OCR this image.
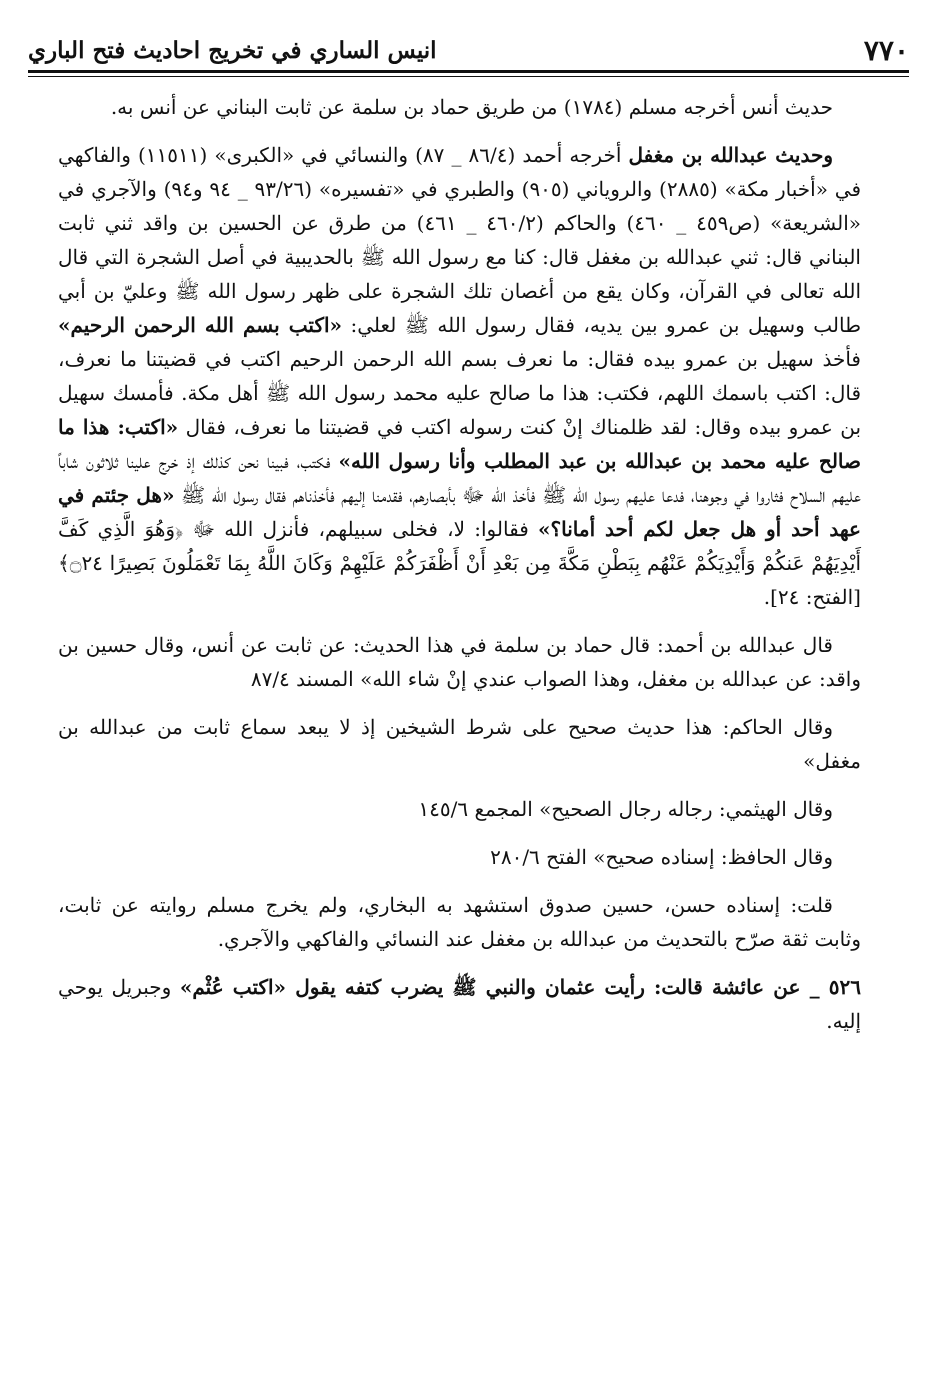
٧٧٠
انيس الساري في تخريج احاديث فتح الباري

حديث أنس أخرجه مسلم (١٧٨٤) من طريق حماد بن سلمة عن ثابت البناني عن أنس به.

وحديث عبدالله بن مغفل أخرجه أحمد (٨٦/٤ _ ٨٧) والنسائي في «الكبرى» (١١٥١١) والفاكهي في «أخبار مكة» (٢٨٨٥) والروياني (٩٠٥) والطبري في «تفسيره» (٩٣/٢٦ _ ٩٤ و٩٤) والآجري في «الشريعة» (ص٤٥٩ _ ٤٦٠) والحاكم (٤٦٠/٢ _ ٤٦١) من طرق عن الحسين بن واقد ثني ثابت البناني قال: ثني عبدالله بن مغفل قال: كنا مع رسول الله ﷺ بالحديبية في أصل الشجرة التي قال الله تعالى في القرآن، وكان يقع من أغصان تلك الشجرة على ظهر رسول الله ﷺ وعليّ بن أبي طالب وسهيل بن عمرو بين يديه، فقال رسول الله ﷺ لعلي: «اكتب بسم الله الرحمن الرحيم» فأخذ سهيل بن عمرو بيده فقال: ما نعرف بسم الله الرحمن الرحيم اكتب في قضيتنا ما نعرف، قال: اكتب باسمك اللهم، فكتب: هذا ما صالح عليه محمد رسول الله ﷺ أهل مكة. فأمسك سهيل بن عمرو بيده وقال: لقد ظلمناك إنْ كنت رسوله اكتب في قضيتنا ما نعرف، فقال «اكتب: هذا ما صالح عليه محمد بن عبدالله بن عبد المطلب وأنا رسول الله» فكتب، فبينا نحن كذلك إذ خرج علينا ثلاثون شاباً عليهم السلاح فثاروا في وجوهنا، فدعا عليهم رسول الله ﷺ فأخذ الله ﷻ بأبصارهم، فقدمنا إليهم فأخذناهم فقال رسول الله ﷺ «هل جئتم في عهد أحد أو هل جعل لكم أحد أمانا؟» فقالوا: لا، فخلى سبيلهم، فأنزل الله ﷻ ﴿وَهُوَ الَّذِي كَفَّ أَيْدِيَهُمْ عَنكُمْ وَأَيْدِيَكُمْ عَنْهُم بِبَطْنِ مَكَّةَ مِن بَعْدِ أَنْ أَظْفَرَكُمْ عَلَيْهِمْ وَكَانَ اللَّهُ بِمَا تَعْمَلُونَ بَصِيرًا ۝٢٤﴾ [الفتح: ٢٤].

قال عبدالله بن أحمد: قال حماد بن سلمة في هذا الحديث: عن ثابت عن أنس، وقال حسين بن واقد: عن عبدالله بن مغفل، وهذا الصواب عندي إنْ شاء الله» المسند ٨٧/٤

وقال الحاكم: هذا حديث صحيح على شرط الشيخين إذ لا يبعد سماع ثابت من عبدالله بن مغفل»

وقال الهيثمي: رجاله رجال الصحيح» المجمع ١٤٥/٦

وقال الحافظ: إسناده صحيح» الفتح ٢٨٠/٦

قلت: إسناده حسن، حسين صدوق استشهد به البخاري، ولم يخرج مسلم روايته عن ثابت، وثابت ثقة صرّح بالتحديث من عبدالله بن مغفل عند النسائي والفاكهي والآجري.

٥٢٦ _ عن عائشة قالت: رأيت عثمان والنبي ﷺ يضرب كتفه يقول «اكتب عُثْم» وجبريل يوحي إليه.
